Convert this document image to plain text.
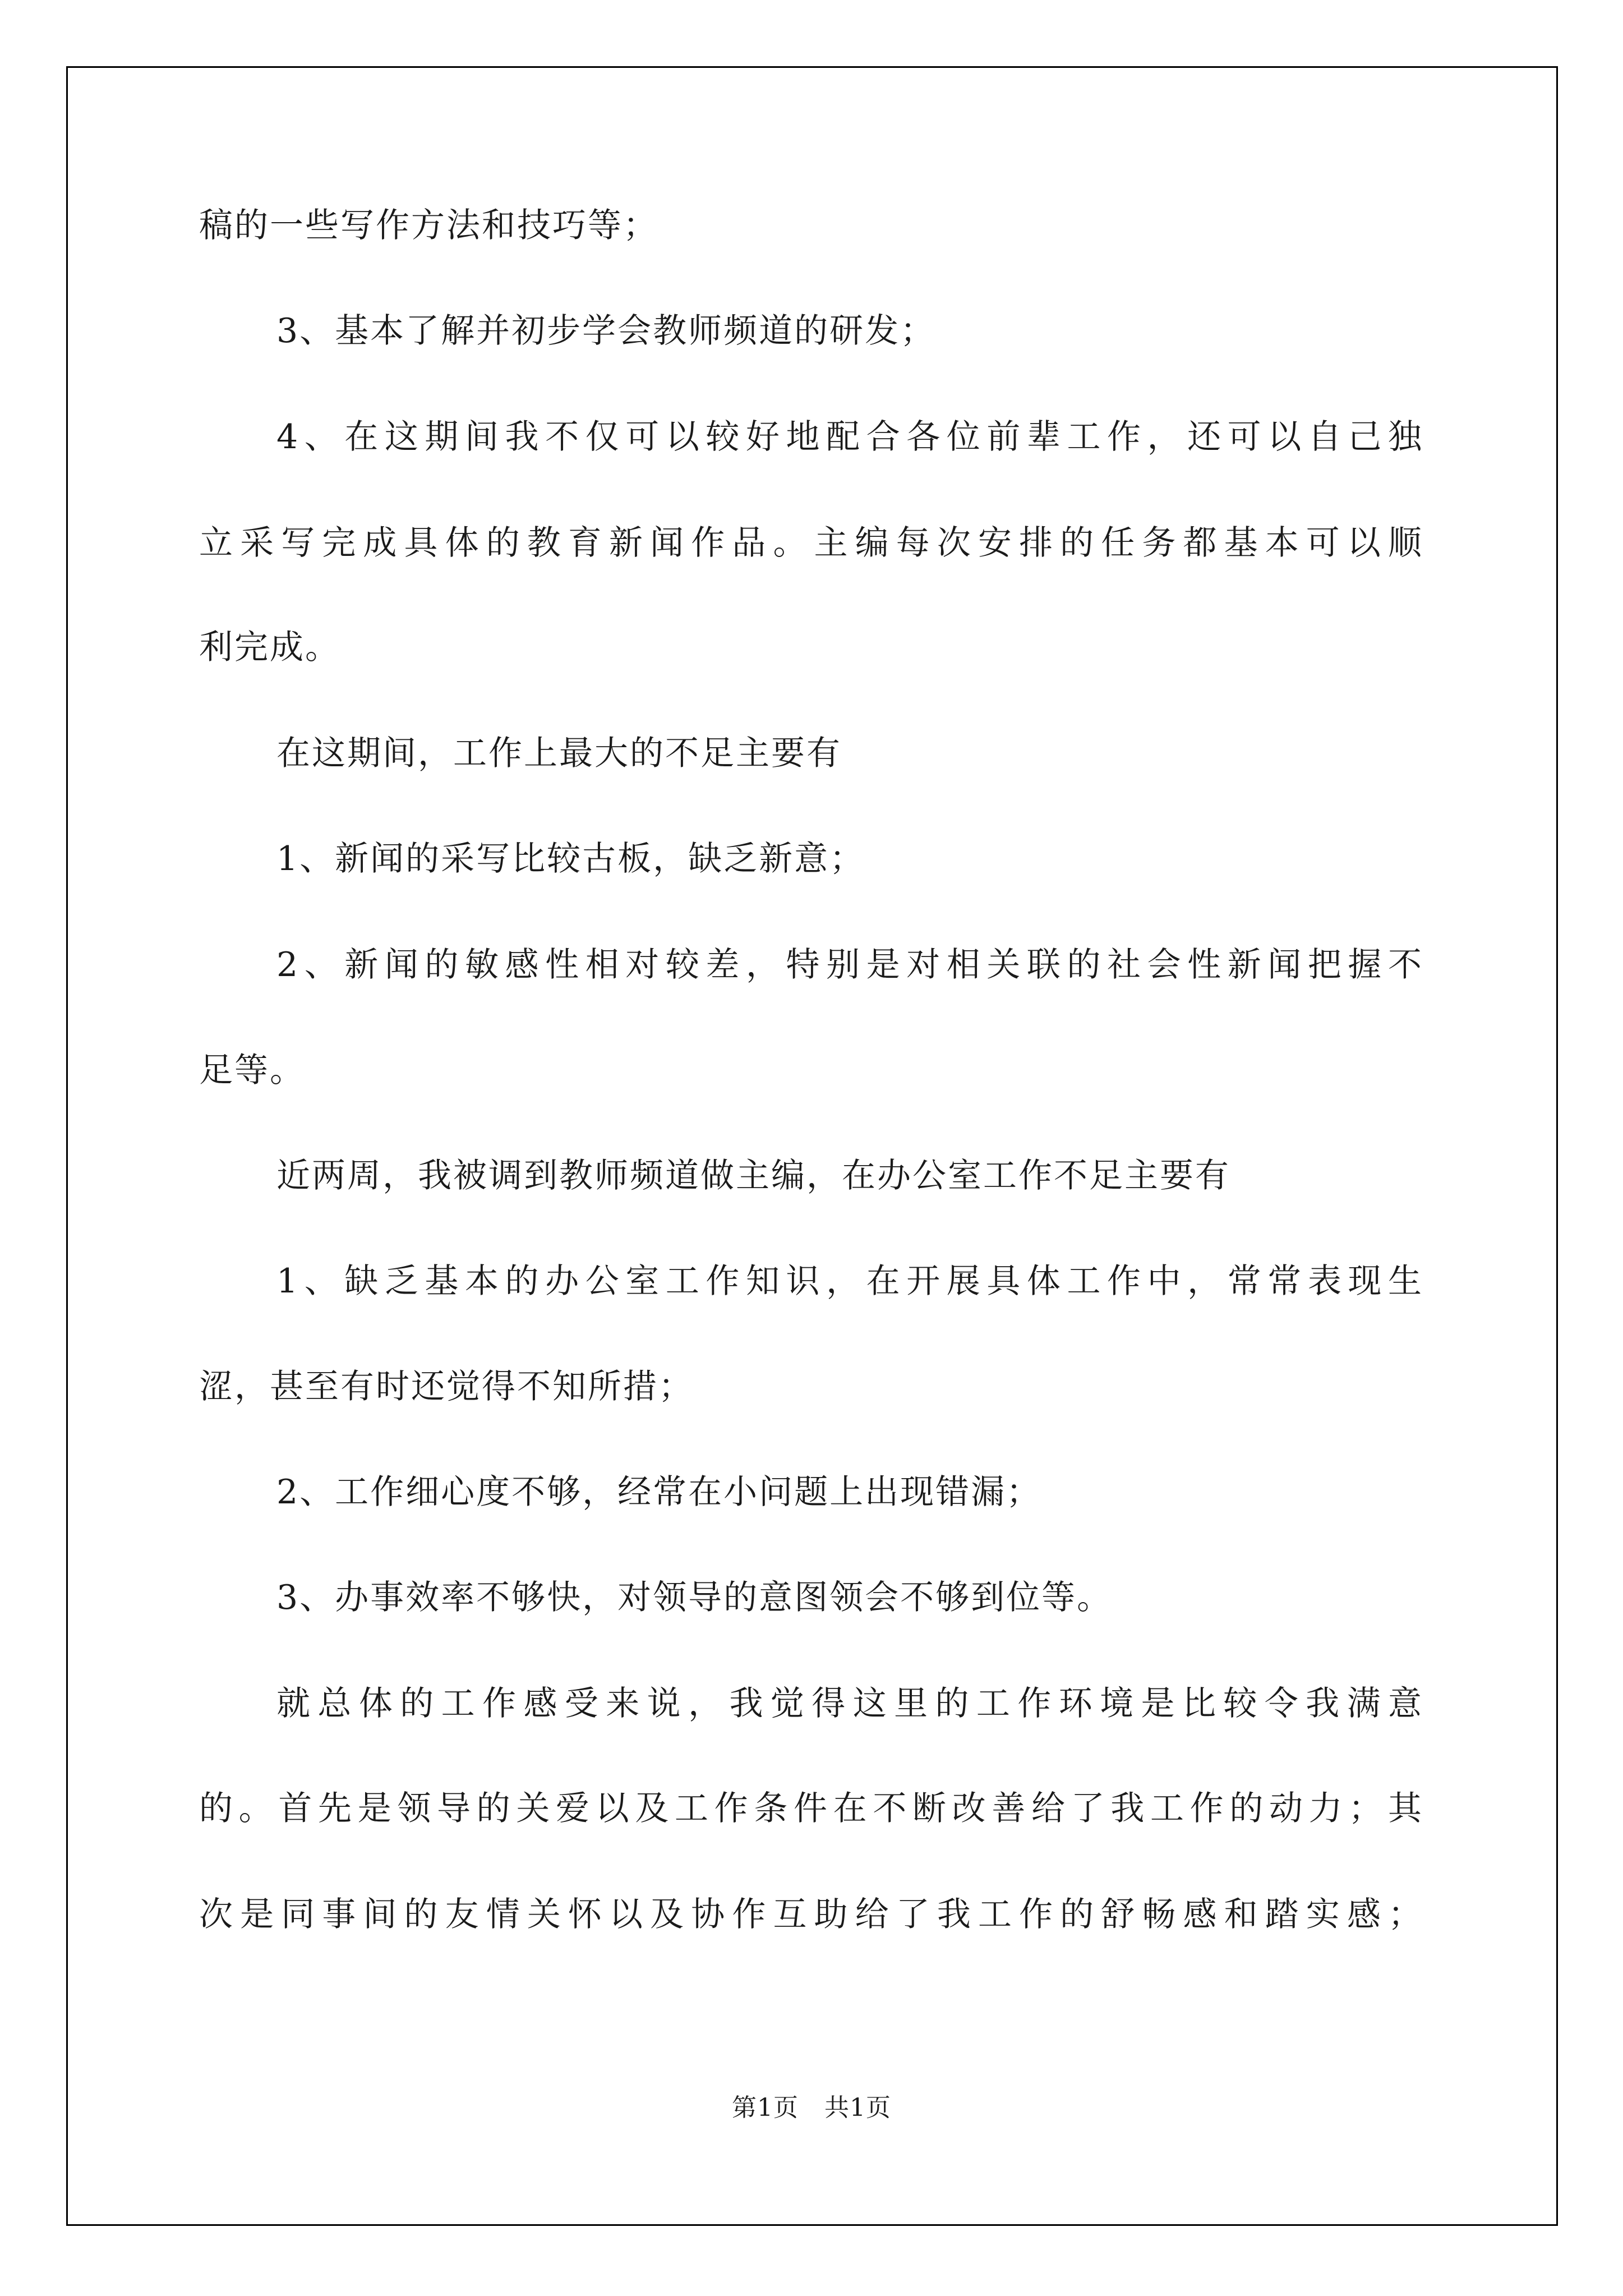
稿的一些写作方法和技巧等；
3、基本了解并初步学会教师频道的研发；
4、在这期间我不仅可以较好地配合各位前辈工作，还可以自己独
立采写完成具体的教育新闻作品。主编每次安排的任务都基本可以顺
利完成。
在这期间，工作上最大的不足主要有
1、新闻的采写比较古板，缺乏新意；
2、新闻的敏感性相对较差，特别是对相关联的社会性新闻把握不
足等。
近两周，我被调到教师频道做主编，在办公室工作不足主要有
1、缺乏基本的办公室工作知识，在开展具体工作中，常常表现生
涩，甚至有时还觉得不知所措；
2、工作细心度不够，经常在小问题上出现错漏；
3、办事效率不够快，对领导的意图领会不够到位等。
就总体的工作感受来说，我觉得这里的工作环境是比较令我满意
的。首先是领导的关爱以及工作条件在不断改善给了我工作的动力；其
次是同事间的友情关怀以及协作互助给了我工作的舒畅感和踏实感；
第1页 共1页
